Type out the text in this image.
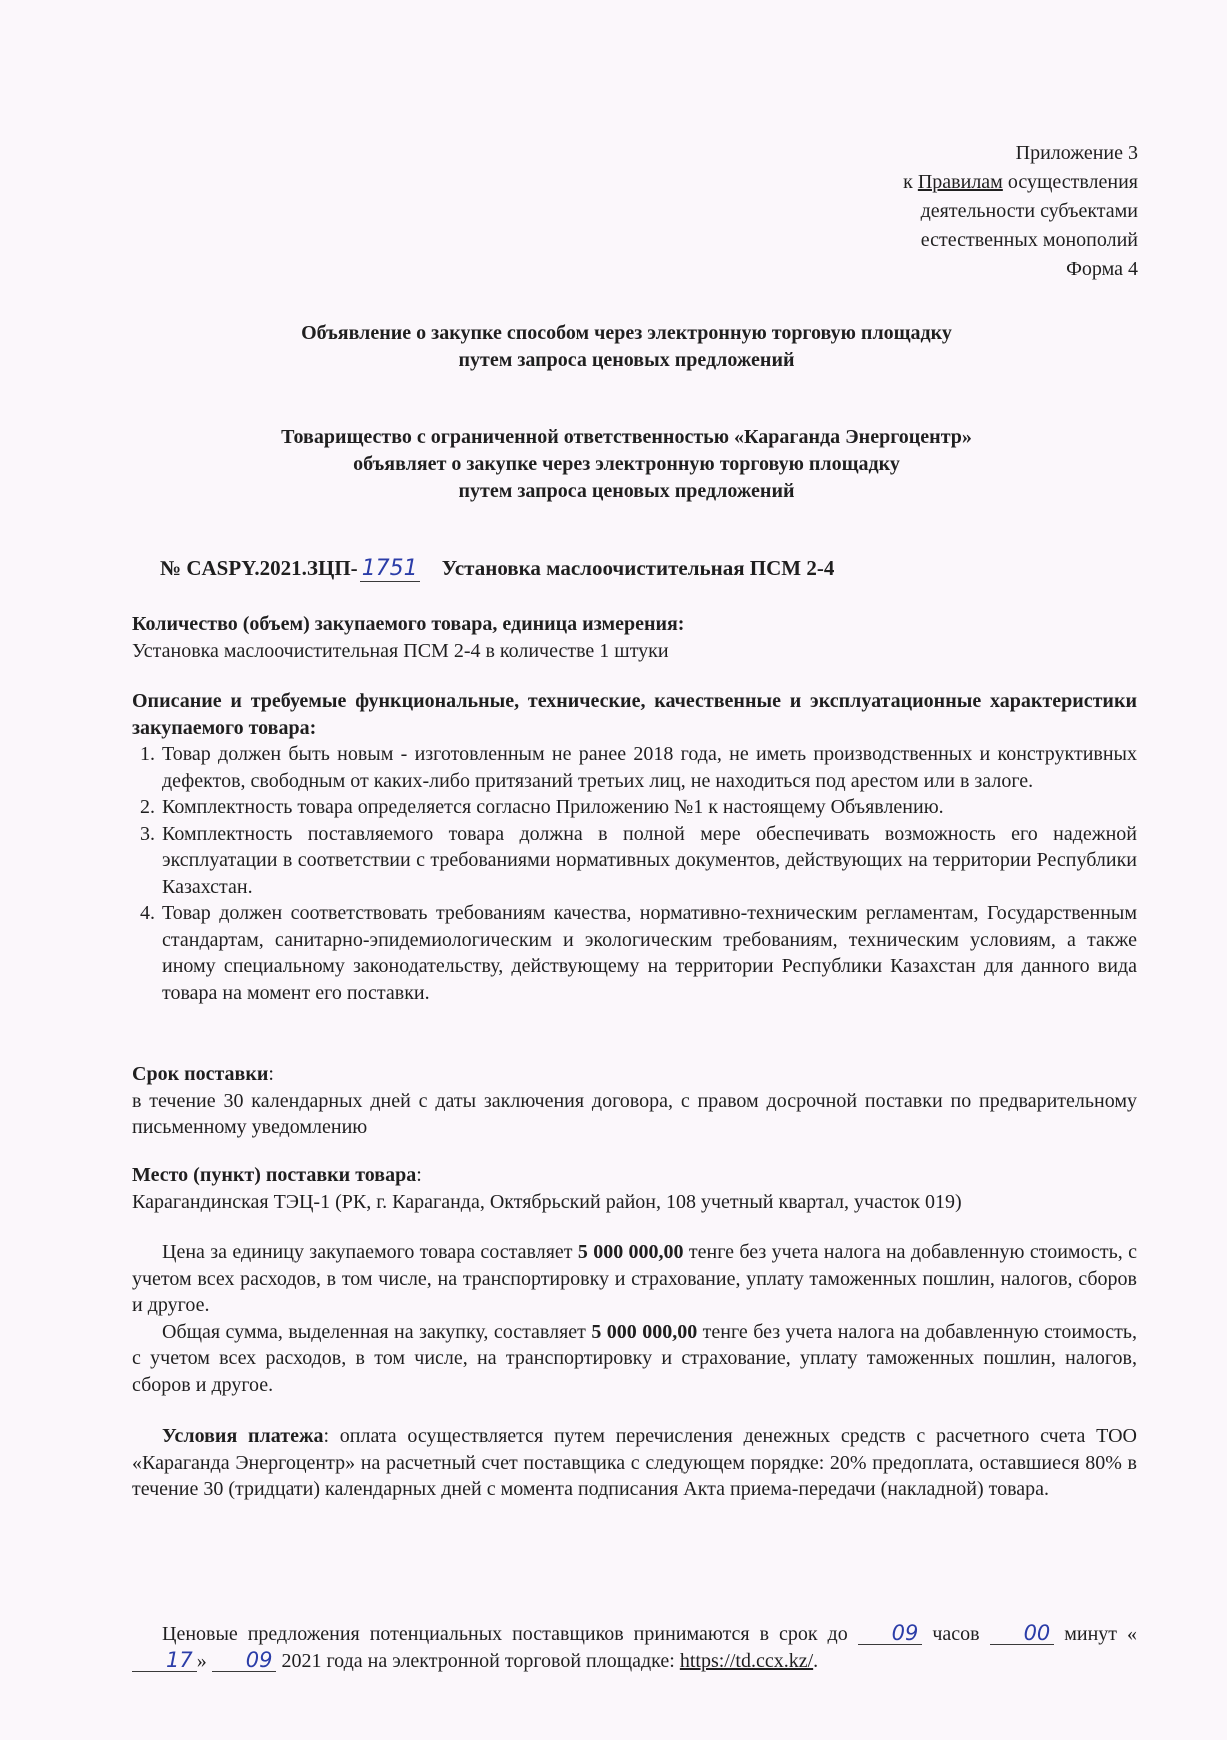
Приложение 3
к Правилам осуществления
деятельности субъектами
естественных монополий
Форма 4
Объявление о закупке способом через электронную торговую площадку
путем запроса ценовых предложений
Товарищество с ограниченной ответственностью «Караганда Энергоцентр»
объявляет о закупке через электронную торговую площадку
путем запроса ценовых предложений
№ CASPY.2021.ЗЦП- 1751 Установка маслоочистительная ПСМ 2-4
Количество (объем) закупаемого товара, единица измерения:
Установка маслоочистительная ПСМ 2-4 в количестве 1 штуки
Описание и требуемые функциональные, технические, качественные и эксплуатационные характеристики закупаемого товара:
1. Товар должен быть новым - изготовленным не ранее 2018 года, не иметь производственных и конструктивных дефектов, свободным от каких-либо притязаний третьих лиц, не находиться под арестом или в залоге.
2. Комплектность товара определяется согласно Приложению №1 к настоящему Объявлению.
3. Комплектность поставляемого товара должна в полной мере обеспечивать возможность его надежной эксплуатации в соответствии с требованиями нормативных документов, действующих на территории Республики Казахстан.
4. Товар должен соответствовать требованиям качества, нормативно-техническим регламентам, Государственным стандартам, санитарно-эпидемиологическим и экологическим требованиям, техническим условиям, а также иному специальному законодательству, действующему на территории Республики Казахстан для данного вида товара на момент его поставки.
Срок поставки:
в течение 30 календарных дней с даты заключения договора, с правом досрочной поставки по предварительному письменному уведомлению
Место (пункт) поставки товара:
Карагандинская ТЭЦ-1 (РК, г. Караганда, Октябрьский район, 108 учетный квартал, участок 019)

Цена за единицу закупаемого товара составляет 5 000 000,00 тенге без учета налога на добавленную стоимость, с учетом всех расходов, в том числе, на транспортировку и страхование, уплату таможенных пошлин, налогов, сборов и другое.

Общая сумма, выделенная на закупку, составляет 5 000 000,00 тенге без учета налога на добавленную стоимость, с учетом всех расходов, в том числе, на транспортировку и страхование, уплату таможенных пошлин, налогов, сборов и другое.

Условия платежа: оплата осуществляется путем перечисления денежных средств с расчетного счета ТОО «Караганда Энергоцентр» на расчетный счет поставщика с следующем порядке: 20% предоплата, оставшиеся 80% в течение 30 (тридцати) календарных дней с момента подписания Акта приема-передачи (накладной) товара.
Ценовые предложения потенциальных поставщиков принимаются в срок до 09 часов 00 минут «17 » 09 2021 года на электронной торговой площадке: https://td.ccx.kz/.
